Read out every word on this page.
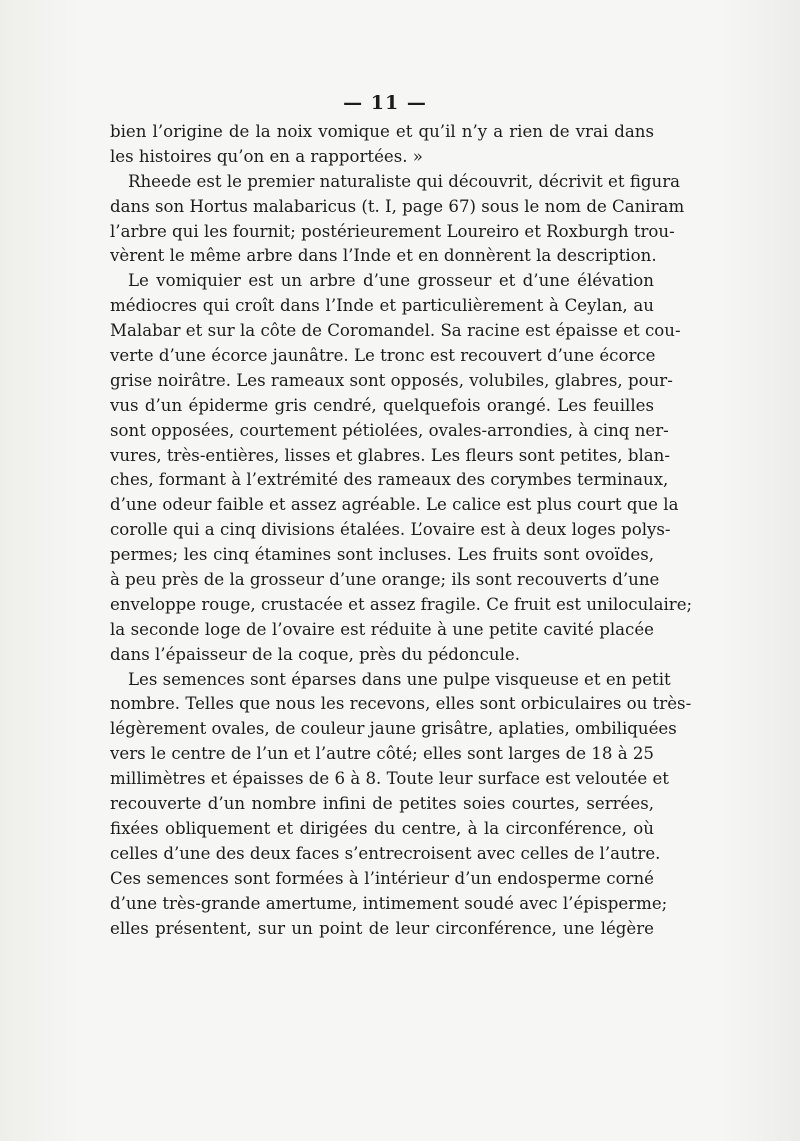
— 11 —
bien l’origine de la noix vomique et qu’il n’y a rien de vrai dans
les histoires qu’on en a rapportées. »
Rheede est le premier naturaliste qui découvrit, décrivit et figura
dans son Hortus malabaricus (t. I, page 67) sous le nom de Caniram
l’arbre qui les fournit; postérieurement Loureiro et Roxburgh trou-
vèrent le même arbre dans l’Inde et en donnèrent la description.
Le vomiquier est un arbre d’une grosseur et d’une élévation
médiocres qui croît dans l’Inde et particulièrement à Ceylan, au
Malabar et sur la côte de Coromandel. Sa racine est épaisse et cou-
verte d’une écorce jaunâtre. Le tronc est recouvert d’une écorce
grise noirâtre. Les rameaux sont opposés, volubiles, glabres, pour-
vus d’un épiderme gris cendré, quelquefois orangé. Les feuilles
sont opposées, courtement pétiolées, ovales-arrondies, à cinq ner-
vures, très-entières, lisses et glabres. Les fleurs sont petites, blan-
ches, formant à l’extrémité des rameaux des corymbes terminaux,
d’une odeur faible et assez agréable. Le calice est plus court que la
corolle qui a cinq divisions étalées. L’ovaire est à deux loges polys-
permes; les cinq étamines sont incluses. Les fruits sont ovoïdes,
à peu près de la grosseur d’une orange; ils sont recouverts d’une
enveloppe rouge, crustacée et assez fragile. Ce fruit est uniloculaire;
la seconde loge de l’ovaire est réduite à une petite cavité placée
dans l’épaisseur de la coque, près du pédoncule.
Les semences sont éparses dans une pulpe visqueuse et en petit
nombre. Telles que nous les recevons, elles sont orbiculaires ou très-
légèrement ovales, de couleur jaune grisâtre, aplaties, ombiliquées
vers le centre de l’un et l’autre côté; elles sont larges de 18 à 25
millimètres et épaisses de 6 à 8. Toute leur surface est veloutée et
recouverte d’un nombre infini de petites soies courtes, serrées,
fixées obliquement et dirigées du centre, à la circonférence, où
celles d’une des deux faces s’entrecroisent avec celles de l’autre.
Ces semences sont formées à l’intérieur d’un endosperme corné
d’une très-grande amertume, intimement soudé avec l’épisperme;
elles présentent, sur un point de leur circonférence, une légère
